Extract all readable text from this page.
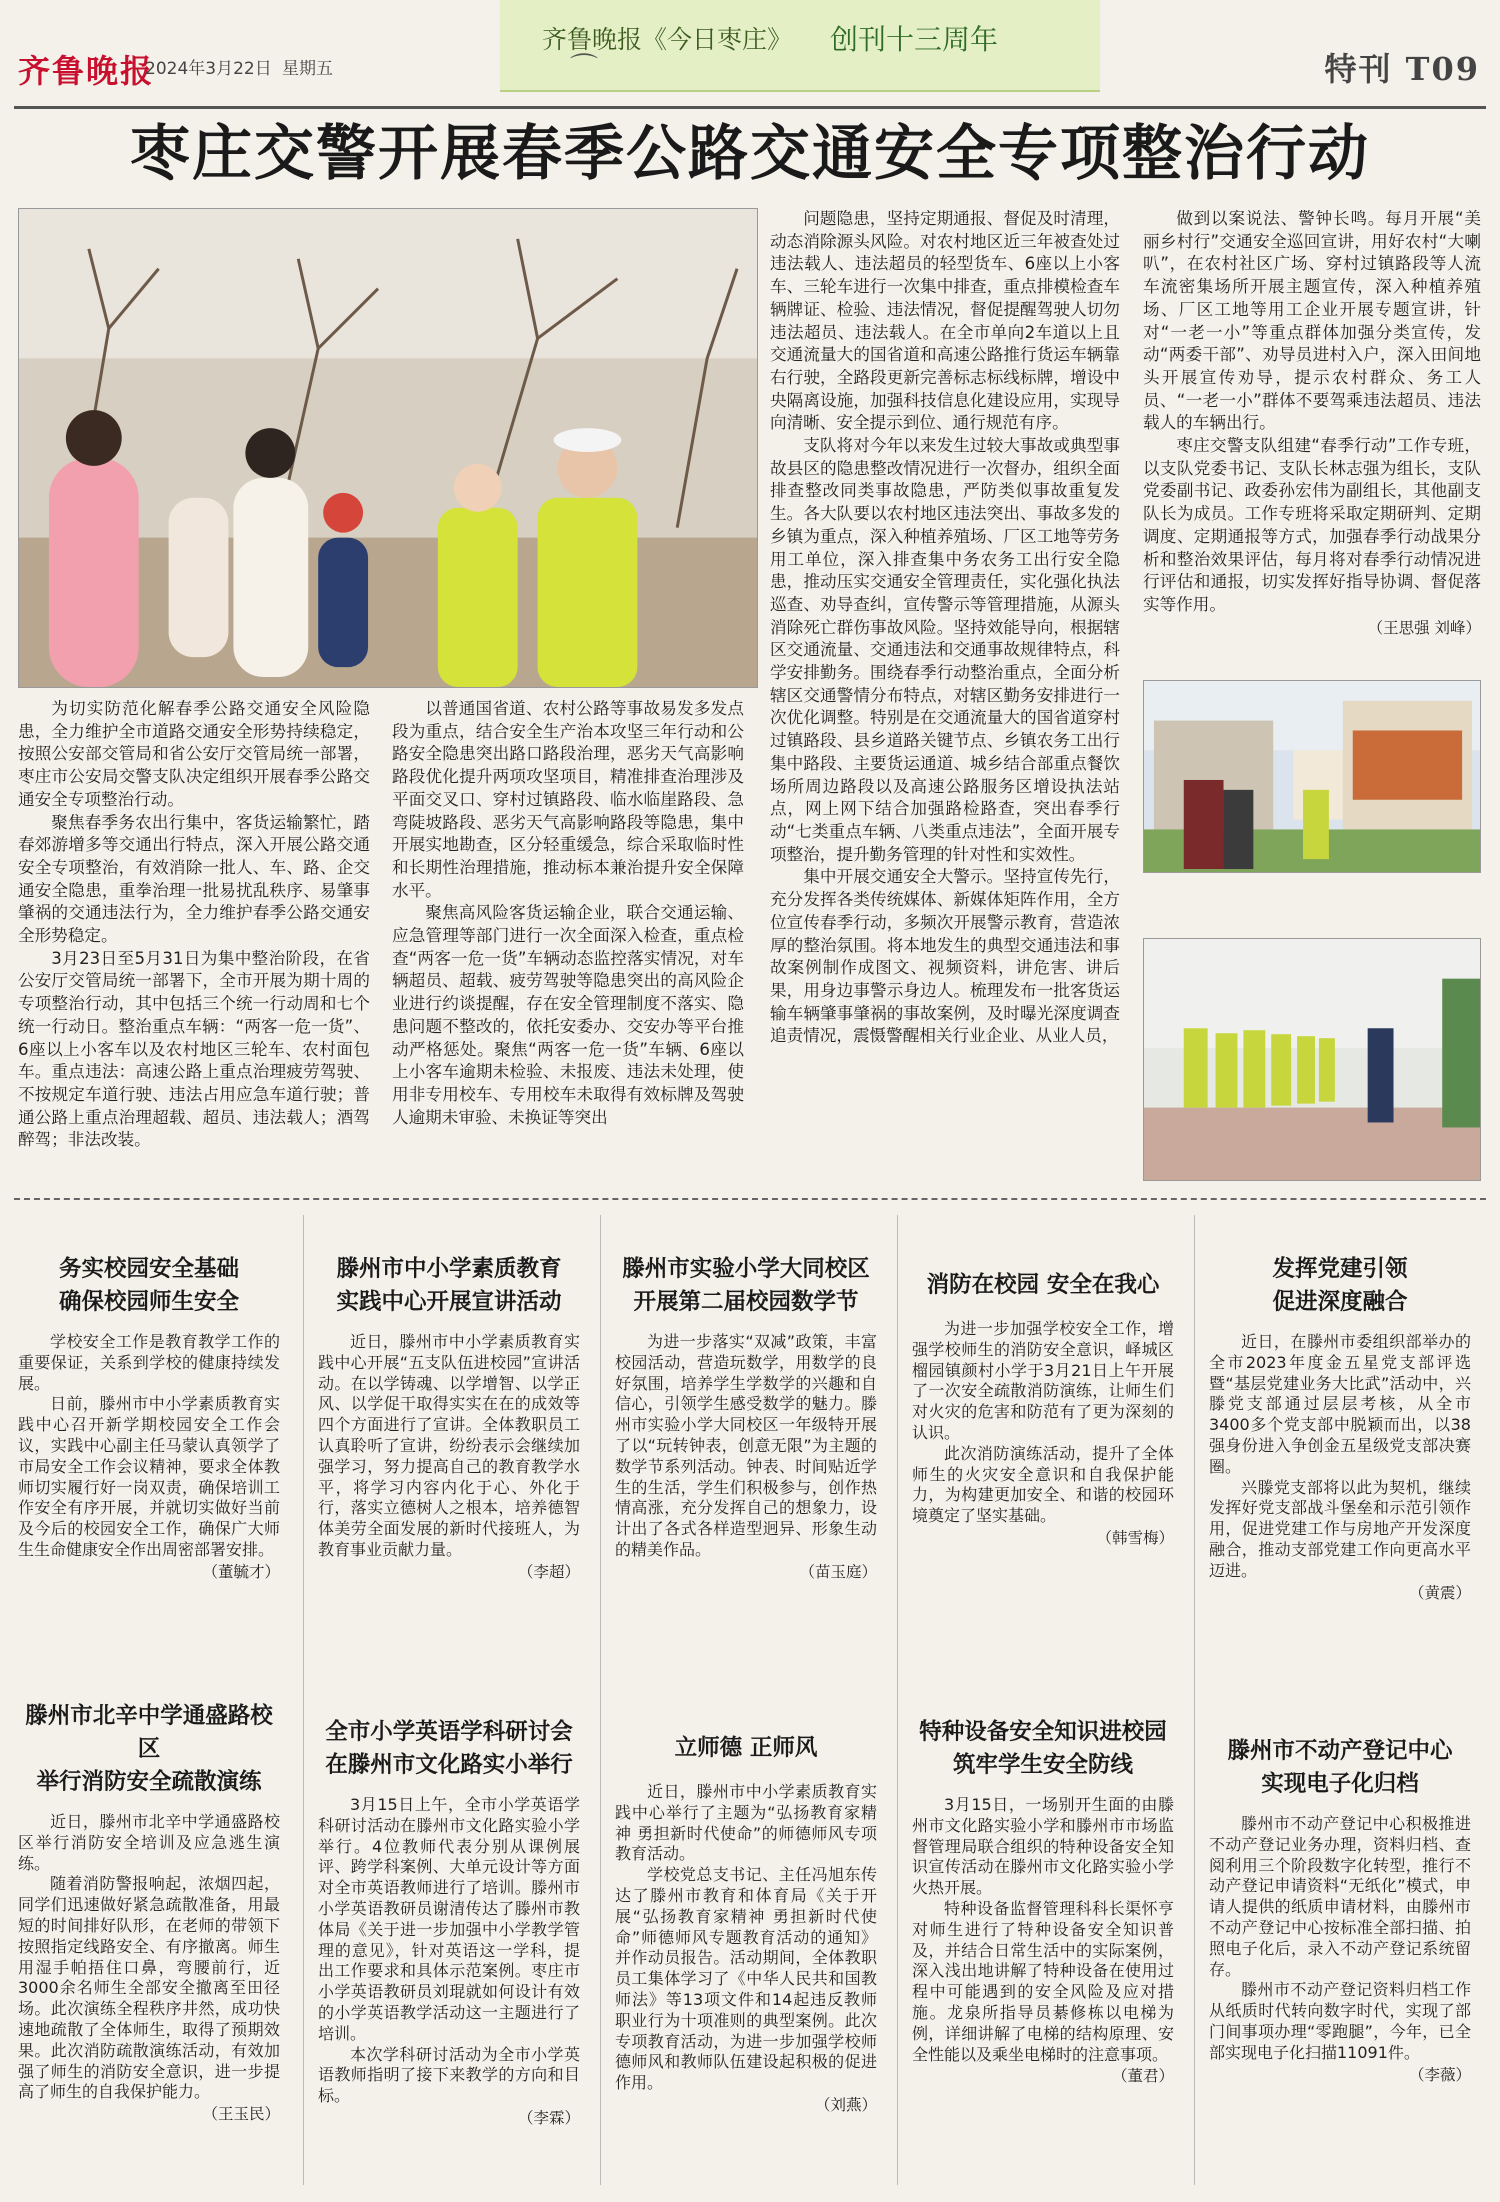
齐鲁晚报
2024年3月22日 星期五
齐鲁晚报《今日枣庄》 创刊十三周年
⌒	特刊 T09
枣庄交警开展春季公路交通安全专项整治行动

为切实防范化解春季公路交通安全风险隐患，全力维护全市道路交通安全形势持续稳定，按照公安部交管局和省公安厅交管局统一部署，枣庄市公安局交警支队决定组织开展春季公路交通安全专项整治行动。

聚焦春季务农出行集中，客货运输繁忙，踏春郊游增多等交通出行特点，深入开展公路交通安全专项整治，有效消除一批人、车、路、企交通安全隐患，重拳治理一批易扰乱秩序、易肇事肇祸的交通违法行为，全力维护春季公路交通安全形势稳定。

3月23日至5月31日为集中整治阶段，在省公安厅交管局统一部署下，全市开展为期十周的专项整治行动，其中包括三个统一行动周和七个统一行动日。整治重点车辆：“两客一危一货”、6座以上小客车以及农村地区三轮车、农村面包车。重点违法：高速公路上重点治理疲劳驾驶、不按规定车道行驶、违法占用应急车道行驶；普通公路上重点治理超载、超员、违法载人；酒驾醉驾；非法改装。

以普通国省道、农村公路等事故易发多发点段为重点，结合安全生产治本攻坚三年行动和公路安全隐患突出路口路段治理，恶劣天气高影响路段优化提升两项攻坚项目，精准排查治理涉及平面交叉口、穿村过镇路段、临水临崖路段、急弯陡坡路段、恶劣天气高影响路段等隐患，集中开展实地勘查，区分轻重缓急，综合采取临时性和长期性治理措施，推动标本兼治提升安全保障水平。

聚焦高风险客货运输企业，联合交通运输、应急管理等部门进行一次全面深入检查，重点检查“两客一危一货”车辆动态监控落实情况，对车辆超员、超载、疲劳驾驶等隐患突出的高风险企业进行约谈提醒，存在安全管理制度不落实、隐患问题不整改的，依托安委办、交安办等平台推动严格惩处。聚焦“两客一危一货”车辆、6座以上小客车逾期未检验、未报废、违法未处理，使用非专用校车、专用校车未取得有效标牌及驾驶人逾期未审验、未换证等突出

问题隐患，坚持定期通报、督促及时清理，动态消除源头风险。对农村地区近三年被查处过违法载人、违法超员的轻型货车、6座以上小客车、三轮车进行一次集中排查，重点排模检查车辆牌证、检验、违法情况，督促提醒驾驶人切勿违法超员、违法载人。在全市单向2车道以上且交通流量大的国省道和高速公路推行货运车辆靠右行驶，全路段更新完善标志标线标牌，增设中央隔离设施，加强科技信息化建设应用，实现导向清晰、安全提示到位、通行规范有序。

支队将对今年以来发生过较大事故或典型事故县区的隐患整改情况进行一次督办，组织全面排查整改同类事故隐患，严防类似事故重复发生。各大队要以农村地区违法突出、事故多发的乡镇为重点，深入种植养殖场、厂区工地等劳务用工单位，深入排查集中务农务工出行安全隐患，推动压实交通安全管理责任，实化强化执法巡查、劝导查纠，宣传警示等管理措施，从源头消除死亡群伤事故风险。坚持效能导向，根据辖区交通流量、交通违法和交通事故规律特点，科学安排勤务。围绕春季行动整治重点，全面分析辖区交通警情分布特点，对辖区勤务安排进行一次优化调整。特别是在交通流量大的国省道穿村过镇路段、县乡道路关键节点、乡镇农务工出行集中路段、主要货运通道、城乡结合部重点餐饮场所周边路段以及高速公路服务区增设执法站点，网上网下结合加强路检路查，突出春季行动“七类重点车辆、八类重点违法”，全面开展专项整治，提升勤务管理的针对性和实效性。

集中开展交通安全大警示。坚持宣传先行，充分发挥各类传统媒体、新媒体矩阵作用，全方位宣传春季行动，多频次开展警示教育，营造浓厚的整治氛围。将本地发生的典型交通违法和事故案例制作成图文、视频资料，讲危害、讲后果，用身边事警示身边人。梳理发布一批客货运输车辆肇事肇祸的事故案例，及时曝光深度调查追责情况，震慑警醒相关行业企业、从业人员，

做到以案说法、警钟长鸣。每月开展“美丽乡村行”交通安全巡回宣讲，用好农村“大喇叭”，在农村社区广场、穿村过镇路段等人流车流密集场所开展主题宣传，深入种植养殖场、厂区工地等用工企业开展专题宣讲，针对“一老一小”等重点群体加强分类宣传，发动“两委干部”、劝导员进村入户，深入田间地头开展宣传劝导，提示农村群众、务工人员、“一老一小”群体不要驾乘违法超员、违法载人的车辆出行。

枣庄交警支队组建“春季行动”工作专班，以支队党委书记、支队长林志强为组长，支队党委副书记、政委孙宏伟为副组长，其他副支队长为成员。工作专班将采取定期研判、定期调度、定期通报等方式，加强春季行动战果分析和整治效果评估，每月将对春季行动情况进行评估和通报，切实发挥好指导协调、督促落实等作用。

（王思强 刘峰）
务实校园安全基础
确保校园师生安全

学校安全工作是教育教学工作的重要保证，关系到学校的健康持续发展。

日前，滕州市中小学素质教育实践中心召开新学期校园安全工作会议，实践中心副主任马蒙认真领学了市局安全工作会议精神，要求全体教师切实履行好一岗双责，确保培训工作安全有序开展，并就切实做好当前及今后的校园安全工作，确保广大师生生命健康安全作出周密部署安排。

（董毓才）
滕州市中小学素质教育
实践中心开展宣讲活动

近日，滕州市中小学素质教育实践中心开展“五支队伍进校园”宣讲活动。在以学铸魂、以学增智、以学正风、以学促干取得实实在在的成效等四个方面进行了宣讲。全体教职员工认真聆听了宣讲，纷纷表示会继续加强学习，努力提高自己的教育教学水平，将学习内容内化于心、外化于行，落实立德树人之根本，培养德智体美劳全面发展的新时代接班人，为教育事业贡献力量。

（李超）
滕州市实验小学大同校区
开展第二届校园数学节

为进一步落实“双减”政策，丰富校园活动，营造玩数学，用数学的良好氛围，培养学生学数学的兴趣和自信心，引领学生感受数学的魅力。滕州市实验小学大同校区一年级特开展了以“玩转钟表，创意无限”为主题的数学节系列活动。钟表、时间贴近学生的生活，学生们积极参与，创作热情高涨，充分发挥自己的想象力，设计出了各式各样造型迥异、形象生动的精美作品。

（苗玉庭）
消防在校园 安全在我心

为进一步加强学校安全工作，增强学校师生的消防安全意识，峄城区榴园镇颜村小学于3月21日上午开展了一次安全疏散消防演练，让师生们对火灾的危害和防范有了更为深刻的认识。

此次消防演练活动，提升了全体师生的火灾安全意识和自我保护能力，为构建更加安全、和谐的校园环境奠定了坚实基础。

（韩雪梅）
发挥党建引领
促进深度融合

近日，在滕州市委组织部举办的全市2023年度金五星党支部评选暨“基层党建业务大比武”活动中，兴滕党支部通过层层考核，从全市3400多个党支部中脱颖而出，以38强身份进入争创金五星级党支部决赛圈。

兴滕党支部将以此为契机，继续发挥好党支部战斗堡垒和示范引领作用，促进党建工作与房地产开发深度融合，推动支部党建工作向更高水平迈进。

（黄震）
滕州市北辛中学通盛路校区
举行消防安全疏散演练

近日，滕州市北辛中学通盛路校区举行消防安全培训及应急逃生演练。

随着消防警报响起，浓烟四起，同学们迅速做好紧急疏散准备，用最短的时间排好队形，在老师的带领下按照指定线路安全、有序撤离。师生用湿手帕捂住口鼻，弯腰前行，近3000余名师生全部安全撤离至田径场。此次演练全程秩序井然，成功快速地疏散了全体师生，取得了预期效果。此次消防疏散演练活动，有效加强了师生的消防安全意识，进一步提高了师生的自我保护能力。

（王玉民）
全市小学英语学科研讨会
在滕州市文化路实小举行

3月15日上午，全市小学英语学科研讨活动在滕州市文化路实验小学举行。4位教师代表分别从课例展评、跨学科案例、大单元设计等方面对全市英语教师进行了培训。滕州市小学英语教研员谢清传达了滕州市教体局《关于进一步加强中小学教学管理的意见》，针对英语这一学科，提出工作要求和具体示范案例。枣庄市小学英语教研员刘琨就如何设计有效的小学英语教学活动这一主题进行了培训。

本次学科研讨活动为全市小学英语教师指明了接下来教学的方向和目标。

（李霖）
立师德 正师风

近日，滕州市中小学素质教育实践中心举行了主题为“弘扬教育家精神 勇担新时代使命”的师德师风专项教育活动。

学校党总支书记、主任冯旭东传达了滕州市教育和体育局《关于开展“弘扬教育家精神 勇担新时代使命”师德师风专题教育活动的通知》并作动员报告。活动期间，全体教职员工集体学习了《中华人民共和国教师法》等13项文件和14起违反教师职业行为十项准则的典型案例。此次专项教育活动，为进一步加强学校师德师风和教师队伍建设起积极的促进作用。

（刘燕）
特种设备安全知识进校园
筑牢学生安全防线

3月15日，一场别开生面的由滕州市文化路实验小学和滕州市市场监督管理局联合组织的特种设备安全知识宣传活动在滕州市文化路实验小学火热开展。

特种设备监督管理科科长渠怀亨对师生进行了特种设备安全知识普及，并结合日常生活中的实际案例，深入浅出地讲解了特种设备在使用过程中可能遇到的安全风险及应对措施。龙泉所指导员綦修栋以电梯为例，详细讲解了电梯的结构原理、安全性能以及乘坐电梯时的注意事项。

（董君）
滕州市不动产登记中心
实现电子化归档

滕州市不动产登记中心积极推进不动产登记业务办理，资料归档、查阅利用三个阶段数字化转型，推行不动产登记申请资料“无纸化”模式，申请人提供的纸质申请材料，由滕州市不动产登记中心按标准全部扫描、拍照电子化后，录入不动产登记系统留存。

滕州市不动产登记资料归档工作从纸质时代转向数字时代，实现了部门间事项办理“零跑腿”，今年，已全部实现电子化扫描11091件。

（李薇）
